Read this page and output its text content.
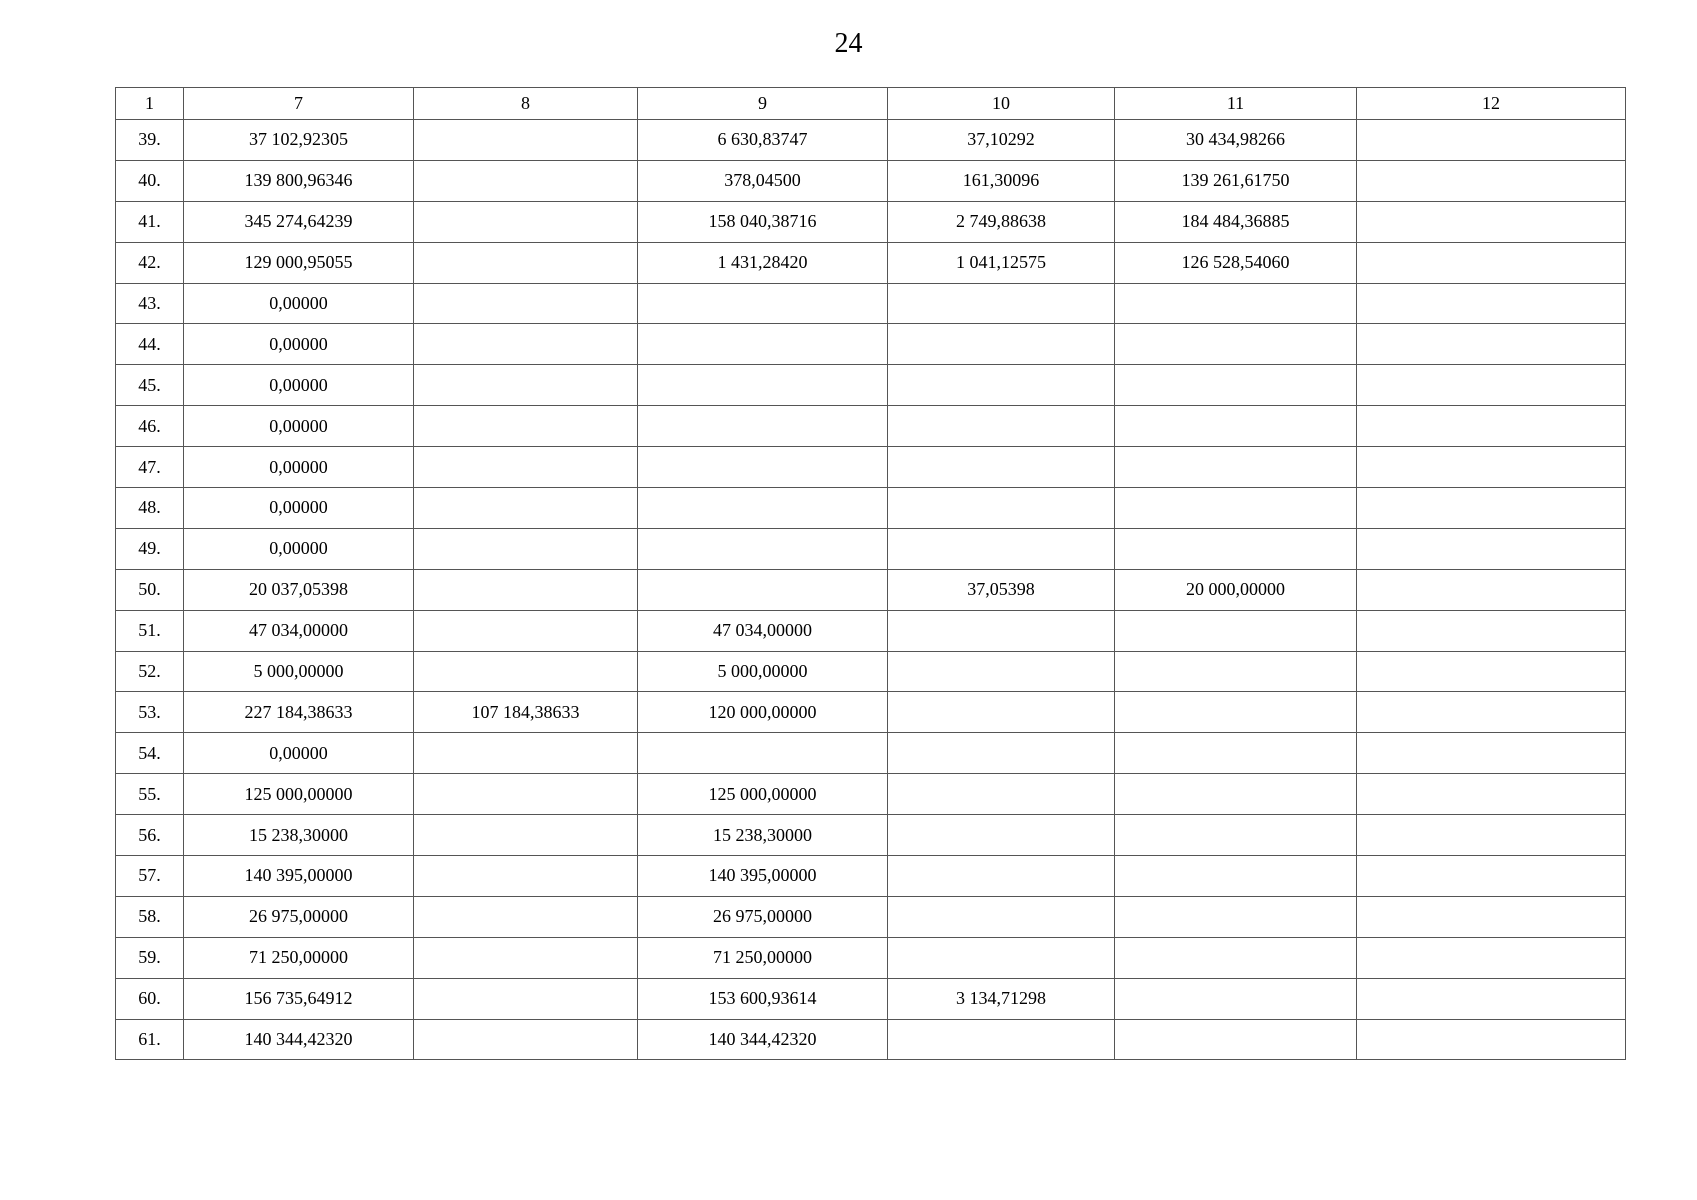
24
1	7	8	9	10	11	12
39.	37 102,92305		6 630,83747	37,10292	30 434,98266	
40.	139 800,96346		378,04500	161,30096	139 261,61750	
41.	345 274,64239		158 040,38716	2 749,88638	184 484,36885	
42.	129 000,95055		1 431,28420	1 041,12575	126 528,54060	
43.	0,00000					
44.	0,00000					
45.	0,00000					
46.	0,00000					
47.	0,00000					
48.	0,00000					
49.	0,00000					
50.	20 037,05398			37,05398	20 000,00000	
51.	47 034,00000		47 034,00000			
52.	5 000,00000		5 000,00000			
53.	227 184,38633	107 184,38633	120 000,00000			
54.	0,00000					
55.	125 000,00000		125 000,00000			
56.	15 238,30000		15 238,30000			
57.	140 395,00000		140 395,00000			
58.	26 975,00000		26 975,00000			
59.	71 250,00000		71 250,00000			
60.	156 735,64912		153 600,93614	3 134,71298		
61.	140 344,42320		140 344,42320			
